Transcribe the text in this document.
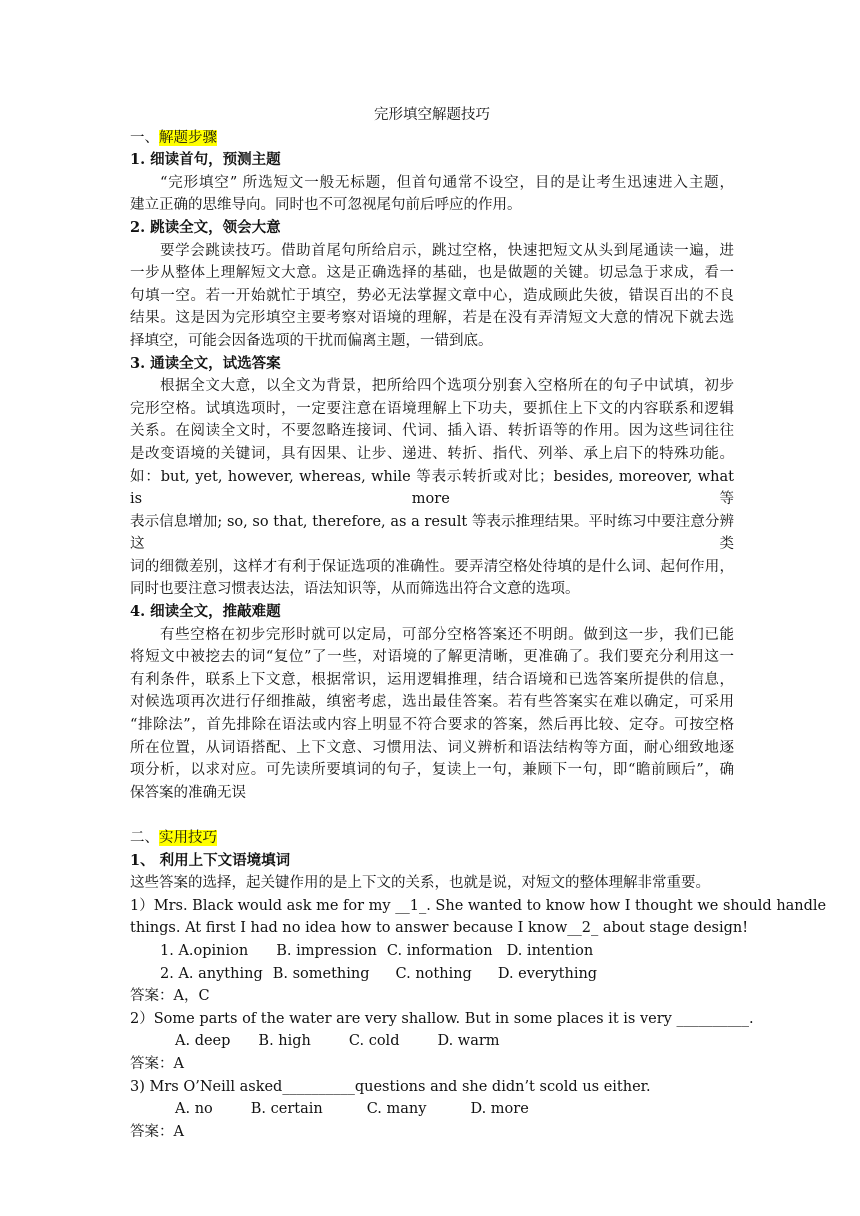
完形填空解题技巧

一、解题步骤

1. 细读首句，预测主题

“完形填空” 所选短文一般无标题，但首句通常不设空，目的是让考生迅速进入主题，

建立正确的思维导向。同时也不可忽视尾句前后呼应的作用。

2. 跳读全文，领会大意

要学会跳读技巧。借助首尾句所给启示，跳过空格，快速把短文从头到尾通读一遍，进

一步从整体上理解短文大意。这是正确选择的基础，也是做题的关键。切忌急于求成，看一

句填一空。若一开始就忙于填空，势必无法掌握文章中心，造成顾此失彼，错误百出的不良

结果。这是因为完形填空主要考察对语境的理解，若是在没有弄清短文大意的情况下就去选

择填空，可能会因备选项的干扰而偏离主题，一错到底。

3. 通读全文，试选答案

根据全文大意，以全文为背景，把所给四个选项分别套入空格所在的句子中试填，初步

完形空格。试填选项时，一定要注意在语境理解上下功夫，要抓住上下文的内容联系和逻辑

关系。在阅读全文时，不要忽略连接词、代词、插入语、转折语等的作用。因为这些词往往

是改变语境的关键词，具有因果、让步、递进、转折、指代、列举、承上启下的特殊功能。

如：but, yet, however, whereas, while 等表示转折或对比；besides, moreover, what is more 等

表示信息增加; so, so that, therefore, as a result 等表示推理结果。平时练习中要注意分辨这类

词的细微差别，这样才有利于保证选项的准确性。要弄清空格处待填的是什么词、起何作用，

同时也要注意习惯表达法，语法知识等，从而筛选出符合文意的选项。

4. 细读全文，推敲难题

有些空格在初步完形时就可以定局，可部分空格答案还不明朗。做到这一步，我们已能

将短文中被挖去的词“复位”了一些，对语境的了解更清晰，更准确了。我们要充分利用这一

有利条件，联系上下文意，根据常识，运用逻辑推理，结合语境和已选答案所提供的信息，

对候选项再次进行仔细推敲，缜密考虑，选出最佳答案。若有些答案实在难以确定，可采用

“排除法”，首先排除在语法或内容上明显不符合要求的答案，然后再比较、定夺。可按空格

所在位置，从词语搭配、上下文意、习惯用法、词义辨析和语法结构等方面，耐心细致地逐

项分析，以求对应。可先读所要填词的句子，复读上一句，兼顾下一句，即“瞻前顾后”，确

保答案的准确无误

二、实用技巧

1、 利用上下文语境填词

这些答案的选择，起关键作用的是上下文的关系，也就是说，对短文的整体理解非常重要。

1）Mrs. Black would ask me for my __1_. She wanted to know how I thought we should handle

things. At first I had no idea how to answer because I know__2_ about stage design!

1. A.opinion B. impression C. information D. intention

2. A. anything B. something C. nothing D. everything

答案：A，C

2）Some parts of the water are very shallow. But in some places it is very __________.

A. deep B. high	C. cold	D. warm

答案：A

3) Mrs O’Neill asked__________questions and she didn’t scold us either.

A. no	B. certain	C. many	D. more

答案：A
